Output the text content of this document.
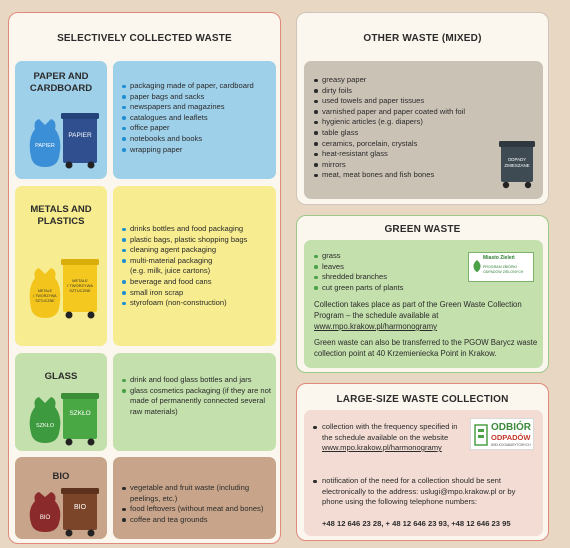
SELECTIVELY COLLECTED WASTE
PAPER AND
CARDBOARD
PAPIER
PAPIER
packaging made of paper, cardboard
paper bags and sacks
newspapers and magazines
catalogues and leaflets
office paper
notebooks and books
wrapping paper
METALS AND
PLASTICS
METALE
I TWORZYWA
SZTUCZNE
METALE
I TWORZYWA
SZTUCZNE
drinks bottles and food packaging
plastic bags, plastic shopping bags
cleaning agent packaging
multi-material packaging
(e.g. milk, juice cartons)
beverage and food cans
small iron scrap
styrofoam (non-construction)
GLASS
SZKŁO
SZKŁO
drink and food glass bottles and jars
glass cosmetics packaging (if they are not made of permanently connected several raw materials)
BIO
BIO
BIO
vegetable and fruit waste (including peelings, etc.)
food leftovers (without meat and bones)
coffee and tea grounds
OTHER WASTE (MIXED)
greasy paper
dirty foils
used towels and paper tissues
varnished paper and paper coated with foil
hygienic articles (e.g. diapers)
table glass
ceramics, porcelain, crystals
heat-resistant glass
mirrors
meat, meat bones and fish bones
ODPADY
ZMIESZANE
GREEN WASTE
grass
leaves
shredded branches
cut green parts of plants
Miasto Zieleń
PROGRAM ZBIÓRKI ODPADÓW ZIELONYCH
Collection takes place as part of the Green Waste Collection Program – the schedule available at www.mpo.krakow.pl/harmonogramy
Green waste can also be transferred to the PGOW Barycz waste collection point at 40 Krzemieniecka Point in Krakow.
LARGE-SIZE WASTE COLLECTION
collection with the frequency specified in the schedule available on the website www.mpo.krakow.pl/harmonogramy
ODBIÓR
ODPADÓW
WIELKOGABARYTOWYCH
notification of the need for a collection should be sent electronically to the address: uslugi@mpo.krakow.pl or by phone using the following telephone numbers:
+48 12 646 23 28, + 48 12 646 23 93, +48 12 646 23 95
